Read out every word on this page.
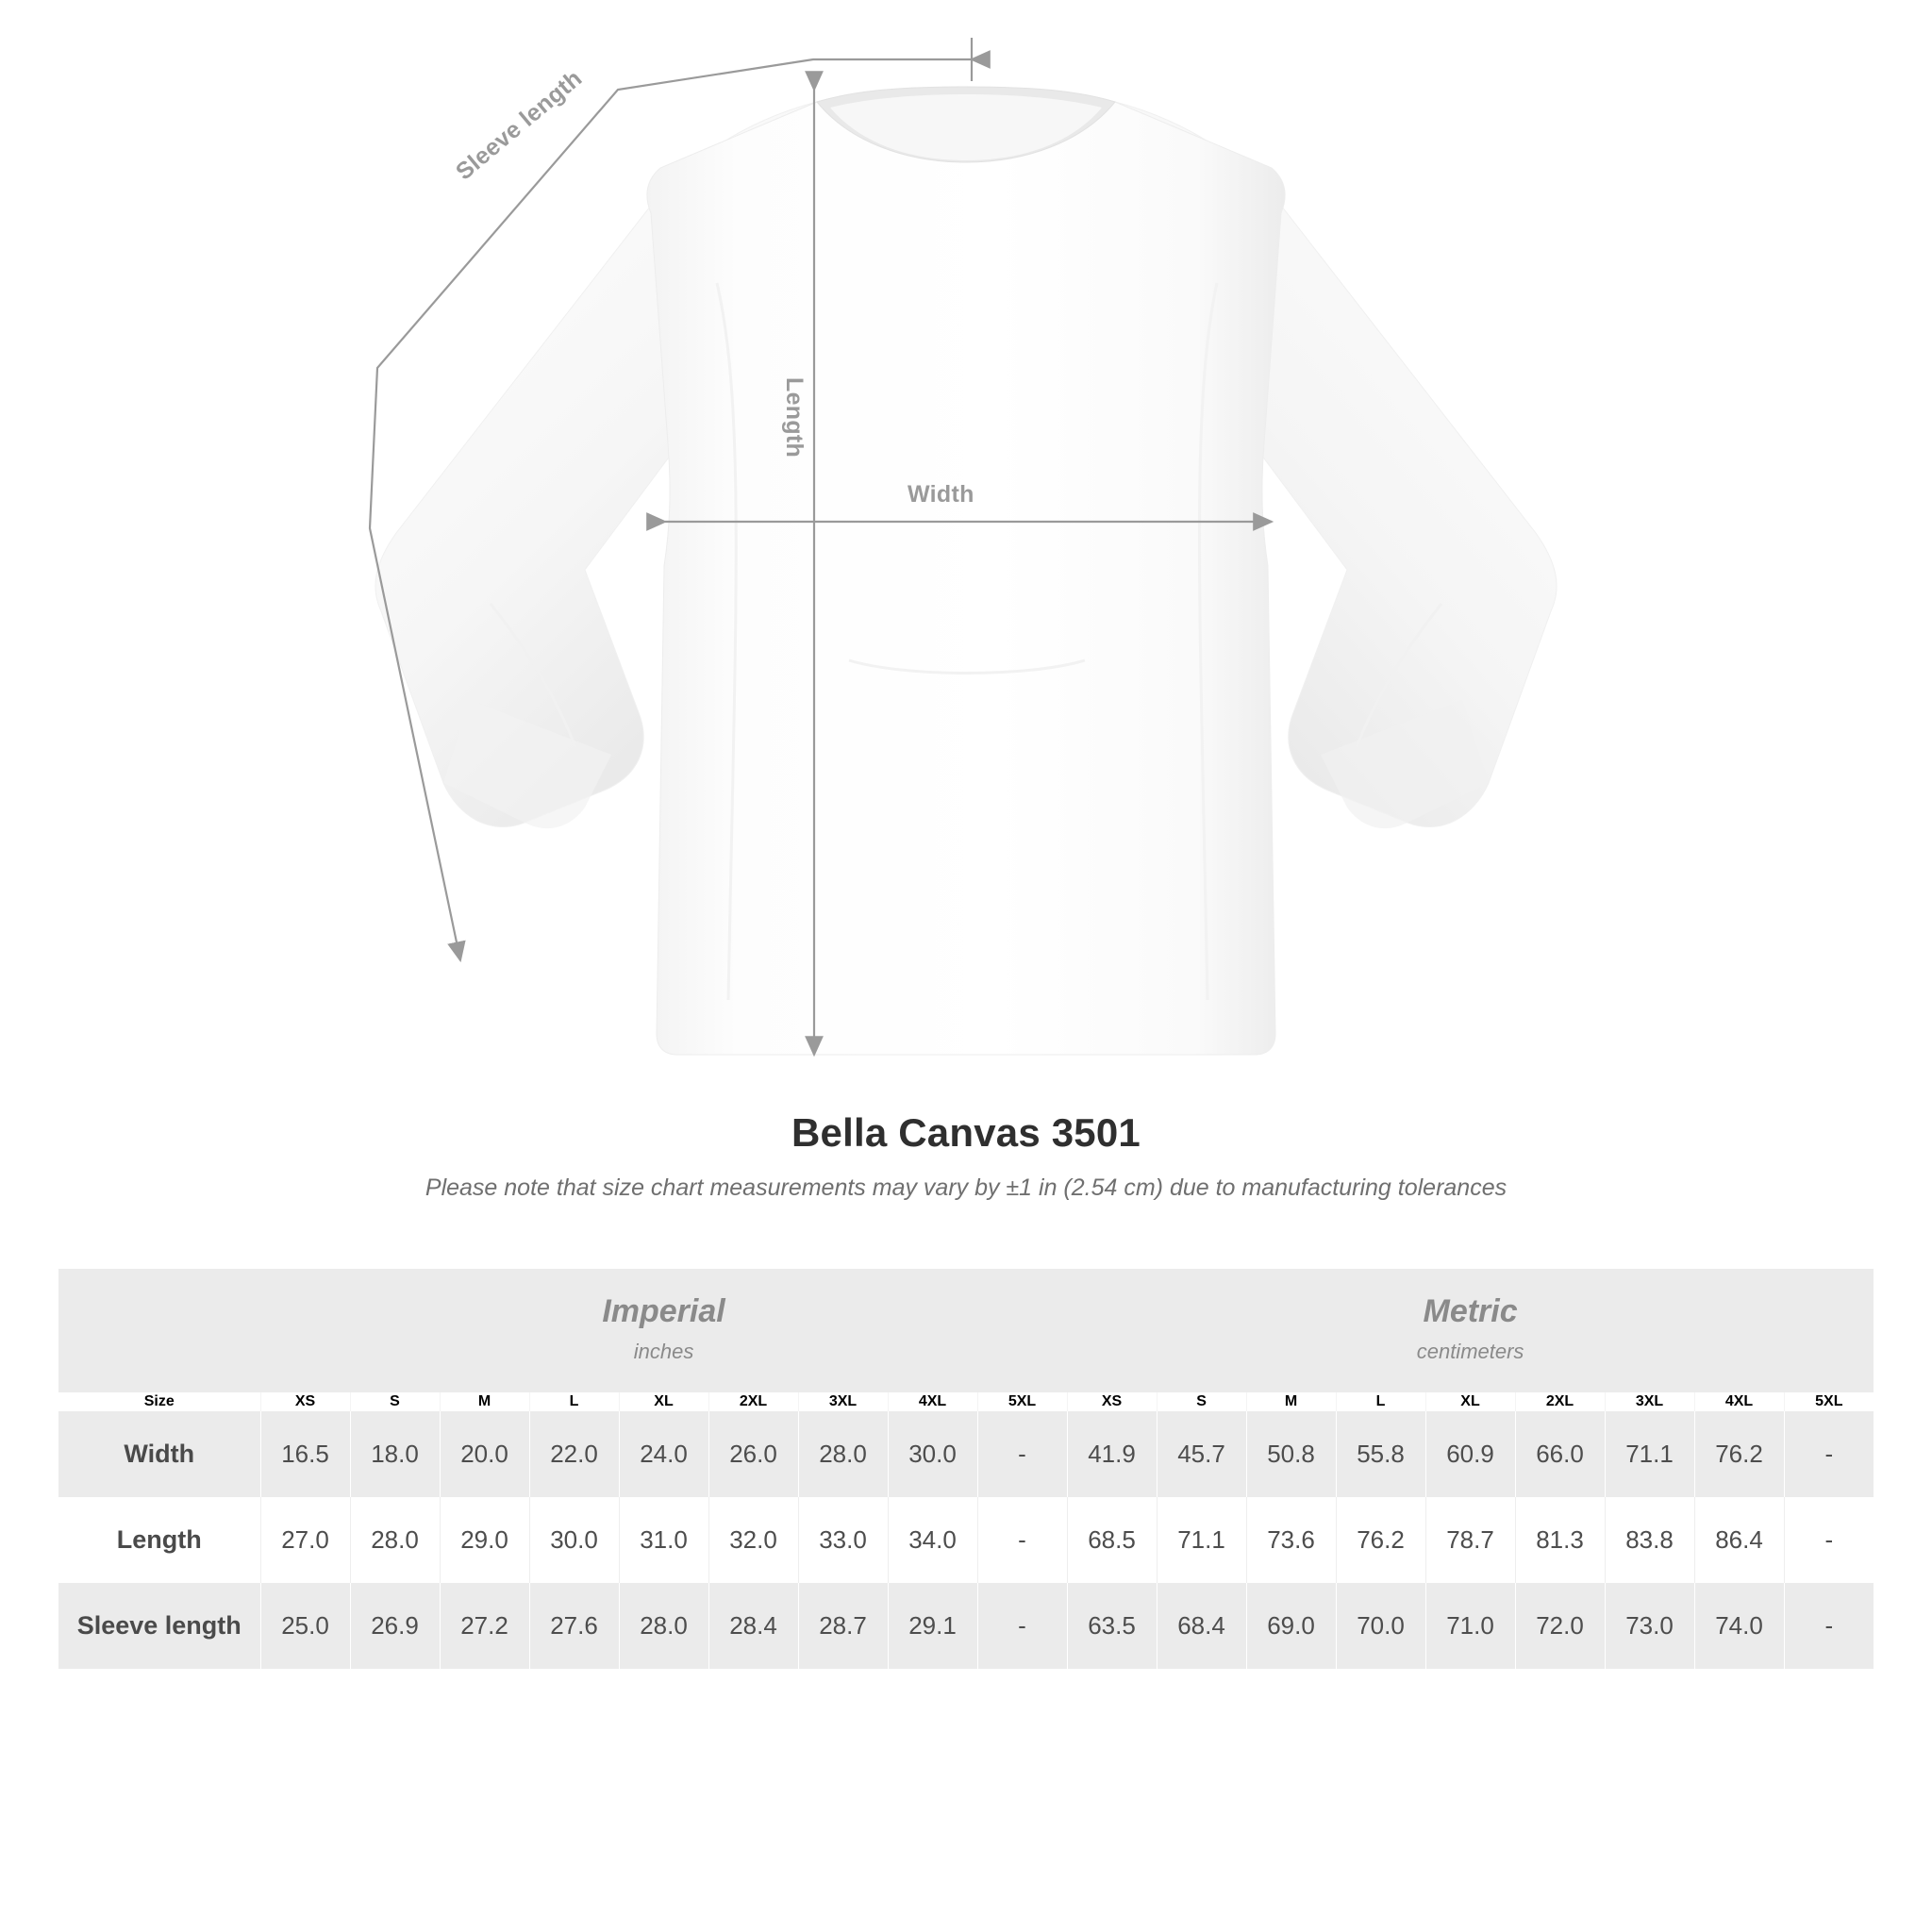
Sleeve length
Length
Width
Bella Canvas 3501
Please note that size chart measurements may vary by ±1 in (2.54 cm) due to manufacturing tolerances

Imperial
inches

Metric
centimeters

Size	XS	S	M	L	XL	2XL	3XL	4XL	5XL	XS	S	M	L	XL	2XL	3XL	4XL	5XL
Width	16.5	18.0	20.0	22.0	24.0	26.0	28.0	30.0	-	41.9	45.7	50.8	55.8	60.9	66.0	71.1	76.2	-
Length	27.0	28.0	29.0	30.0	31.0	32.0	33.0	34.0	-	68.5	71.1	73.6	76.2	78.7	81.3	83.8	86.4	-
Sleeve length	25.0	26.9	27.2	27.6	28.0	28.4	28.7	29.1	-	63.5	68.4	69.0	70.0	71.0	72.0	73.0	74.0	-
